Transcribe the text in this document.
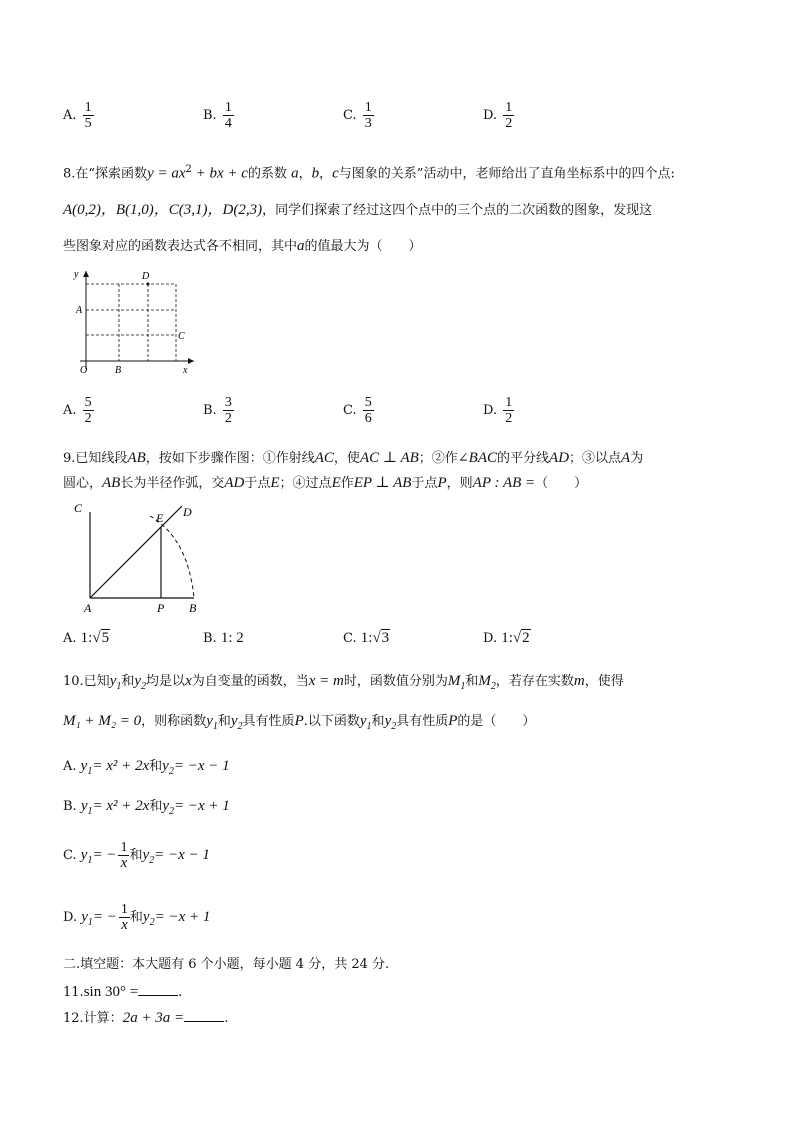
A. $\frac{1}{5}$	B. $\frac{1}{4}$	C. $\frac{1}{3}$	D. $\frac{1}{2}$
8.在“探索函数$y = ax^2$ + bx + c的系数 a，b，c与图象的关系”活动中，老师给出了直角坐标系中的四个点:
A(0,2)，B(1,0)，C(3,1)，D(2,3)，同学们探索了经过这四个点中的三个点的二次函数的图象，发现这
些图象对应的函数表达式各不相同，其中a的值最大为（　　）
y
x
O
A
B
C
D
A. $\frac{5}{2}$	B. $\frac{3}{2}$	C. $\frac{5}{6}$	D. $\frac{1}{2}$
9.已知线段AB，按如下步骤作图：①作射线AC，使AC ⊥ AB；②作∠BAC的平分线AD；③以点A为
圆心，AB长为半径作弧，交AD于点E；④过点E作EP ⊥ AB于点P，则AP : AB =（　　）
C
E D
A	P B
A. 1:√5	B. 1: 2	C. 1:√3	D. 1:√2
10.已知$y_1$和$y_2$均是以x为自变量的函数，当x = m时，函数值分别为$M_1$和$M_2$，若存在实数m，使得
M₁ + M₂ = 0，则称函数$y_1$和$y_2$具有性质P.以下函数$y_1$和$y_2$具有性质P的是（　　）
A. $y_1= x^2 + 2x$和$y_2= -x - 1$
B. $y_1= x^2 + 2x$和$y_2= -x + 1$
C. $y_1= - \frac{1}{x}$ 和$y_2= -x - 1$
D. $y_1= - \frac{1}{x}$ 和$y_2= -x + 1$
二.填空题：本大题有 6 个小题，每小题 4 分，共 24 分.
11.sin 30° =	.
12.计算：2a + 3a =	.
